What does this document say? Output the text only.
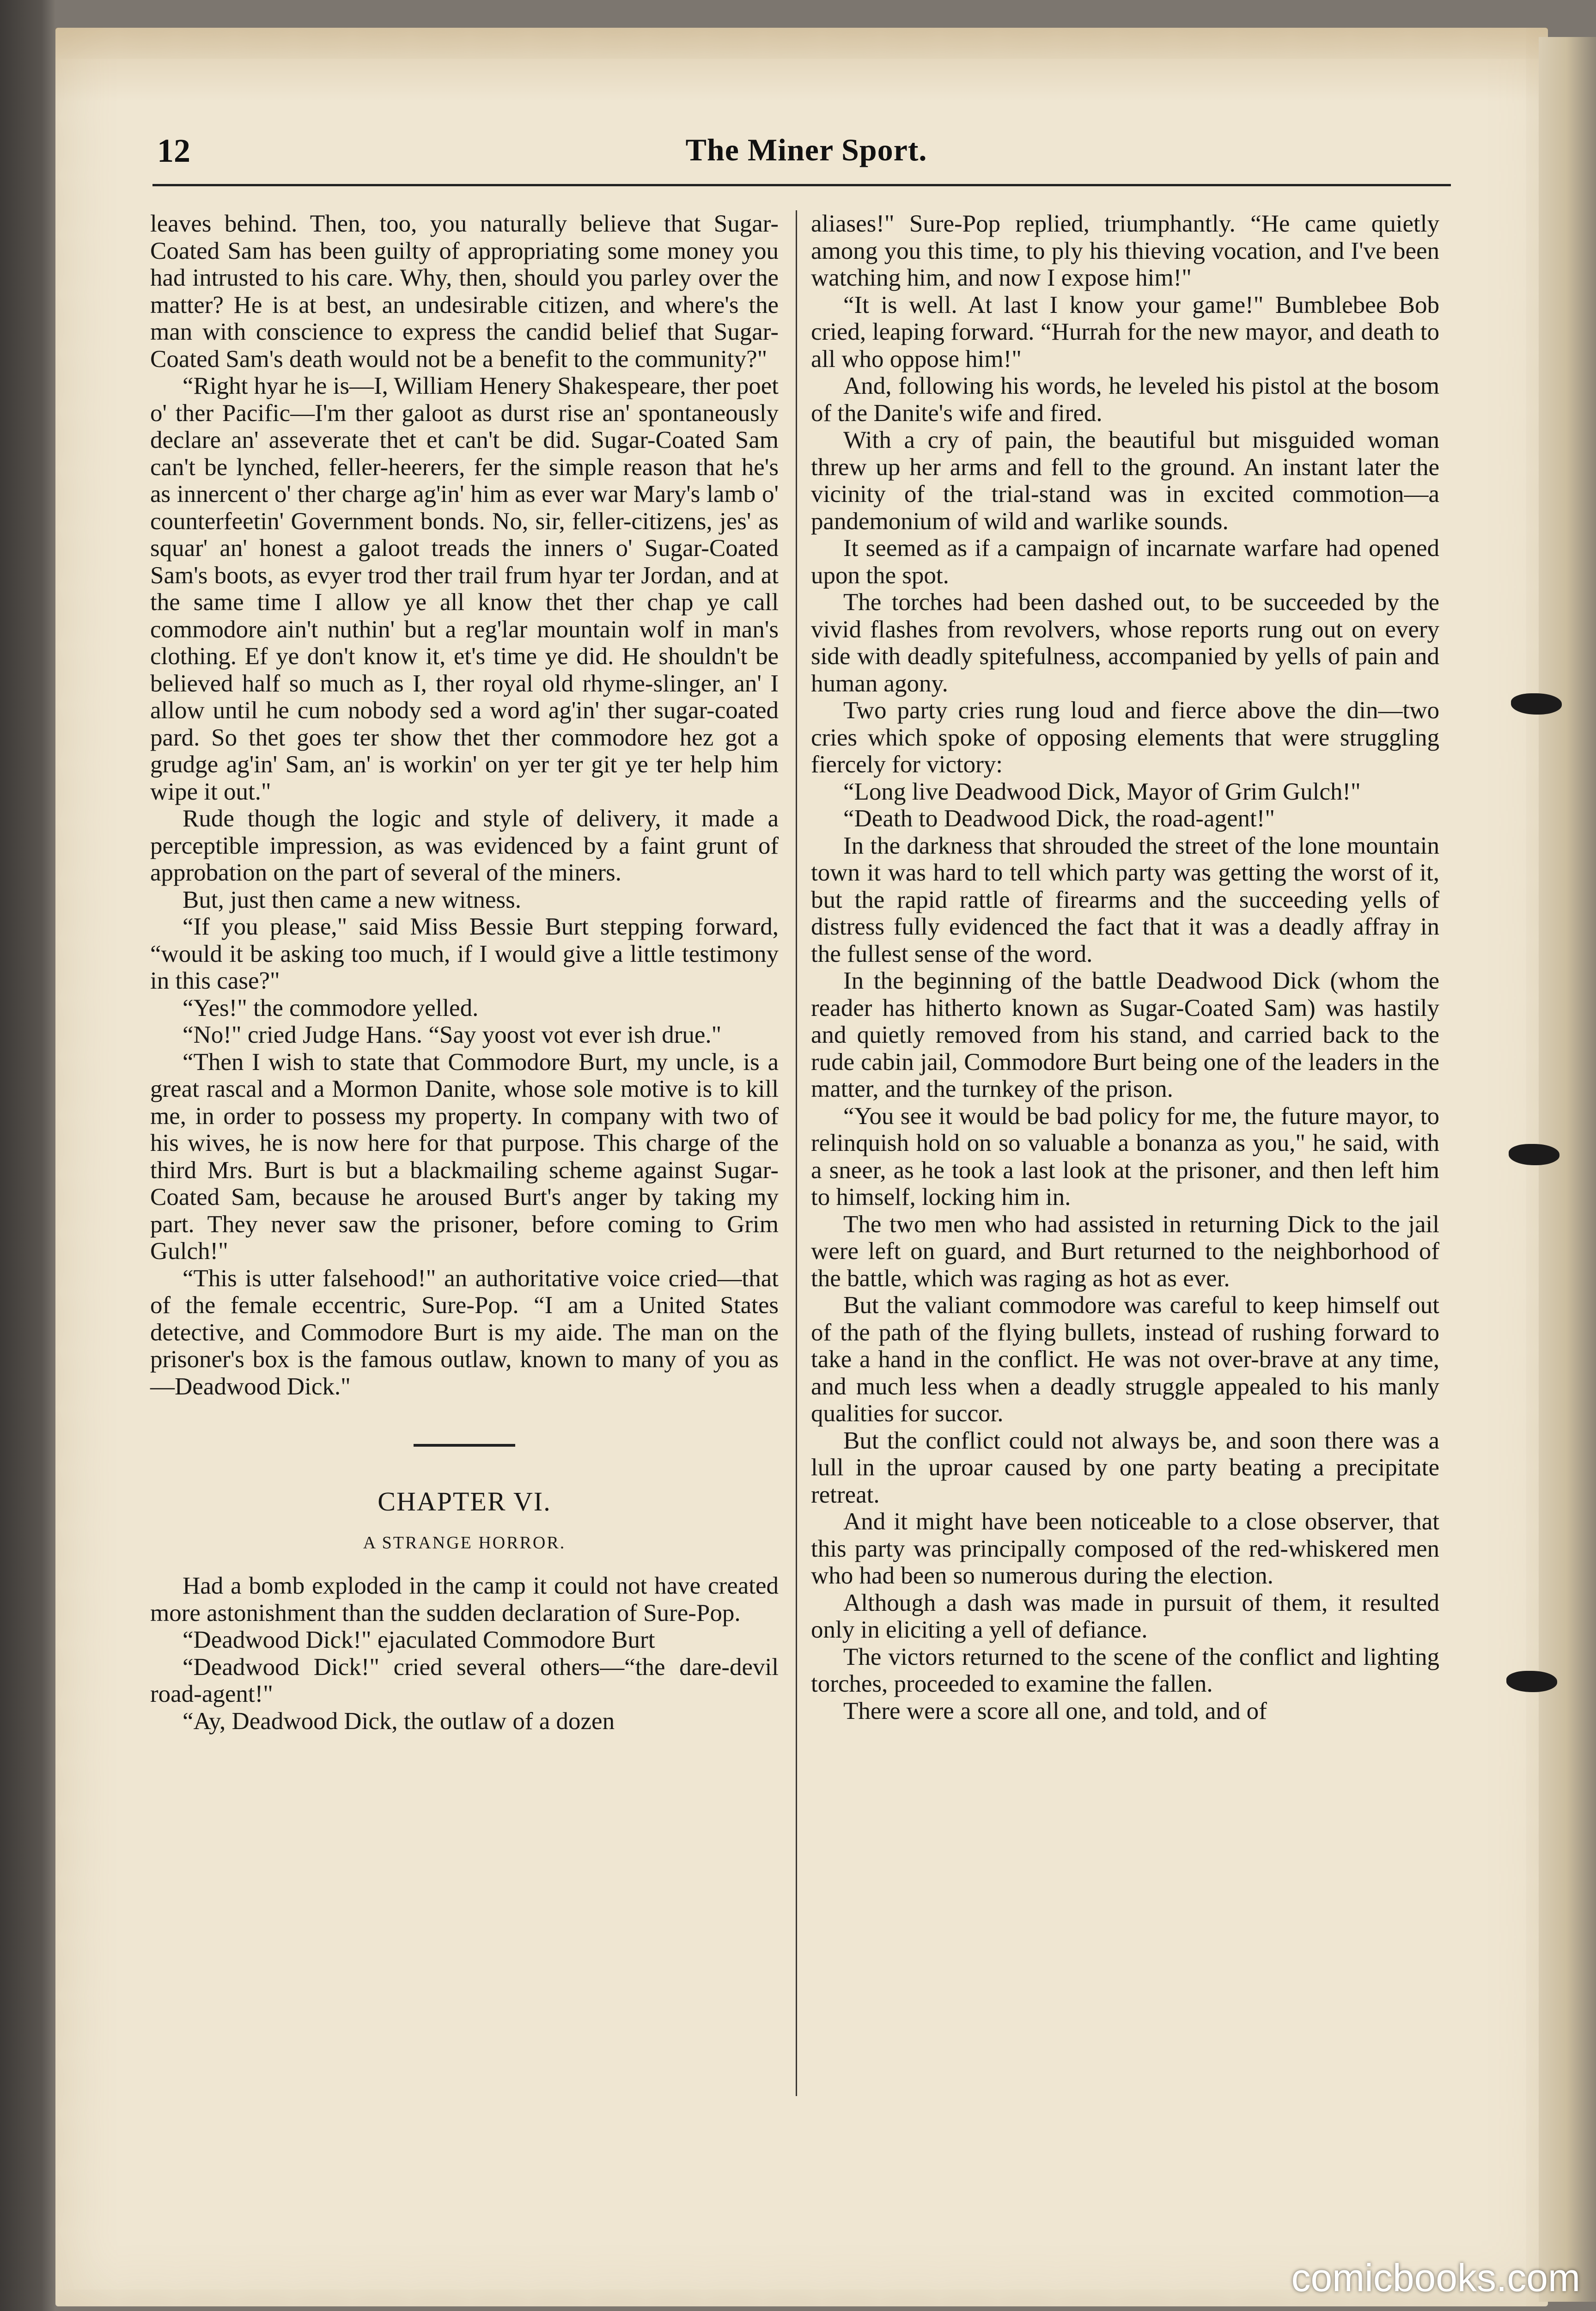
12	The Miner Sport.

leaves behind. Then, too, you naturally believe that Sugar-Coated Sam has been guilty of appropriating some money you had intrusted to his care. Why, then, should you parley over the matter? He is at best, an undesirable citizen, and where's the man with conscience to express the candid belief that Sugar-Coated Sam's death would not be a benefit to the community?"

“Right hyar he is—I, William Henery Shakespeare, ther poet o' ther Pacific—I'm ther galoot as durst rise an' spontaneously declare an' asseverate thet et can't be did. Sugar-Coated Sam can't be lynched, feller-heerers, fer the simple reason that he's as innercent o' ther charge ag'in' him as ever war Mary's lamb o' counterfeetin' Government bonds. No, sir, feller-citizens, jes' as squar' an' honest a galoot treads the inners o' Sugar-Coated Sam's boots, as evyer trod ther trail frum hyar ter Jordan, and at the same time I allow ye all know thet ther chap ye call commodore ain't nuthin' but a reg'lar mountain wolf in man's clothing. Ef ye don't know it, et's time ye did. He shouldn't be believed half so much as I, ther royal old rhyme-slinger, an' I allow until he cum nobody sed a word ag'in' ther sugar-coated pard. So thet goes ter show thet ther commodore hez got a grudge ag'in' Sam, an' is workin' on yer ter git ye ter help him wipe it out."

Rude though the logic and style of delivery, it made a perceptible impression, as was evidenced by a faint grunt of approbation on the part of several of the miners.

But, just then came a new witness.

“If you please," said Miss Bessie Burt stepping forward, “would it be asking too much, if I would give a little testimony in this case?"

“Yes!" the commodore yelled.

“No!" cried Judge Hans. “Say yoost vot ever ish drue."

“Then I wish to state that Commodore Burt, my uncle, is a great rascal and a Mormon Danite, whose sole motive is to kill me, in order to possess my property. In company with two of his wives, he is now here for that purpose. This charge of the third Mrs. Burt is but a blackmailing scheme against Sugar-Coated Sam, because he aroused Burt's anger by taking my part. They never saw the prisoner, before coming to Grim Gulch!"

“This is utter falsehood!" an authoritative voice cried—that of the female eccentric, Sure-Pop. “I am a United States detective, and Commodore Burt is my aide. The man on the prisoner's box is the famous outlaw, known to many of you as—Deadwood Dick."

CHAPTER VI.
A STRANGE HORROR.

Had a bomb exploded in the camp it could not have created more astonishment than the sudden declaration of Sure-Pop.

“Deadwood Dick!" ejaculated Commodore Burt

“Deadwood Dick!" cried several others—“the dare-devil road-agent!"

“Ay, Deadwood Dick, the outlaw of a dozen

aliases!" Sure-Pop replied, triumphantly. “He came quietly among you this time, to ply his thieving vocation, and I've been watching him, and now I expose him!"

“It is well. At last I know your game!" Bumblebee Bob cried, leaping forward. “Hurrah for the new mayor, and death to all who oppose him!"

And, following his words, he leveled his pistol at the bosom of the Danite's wife and fired.

With a cry of pain, the beautiful but misguided woman threw up her arms and fell to the ground. An instant later the vicinity of the trial-stand was in excited commotion—a pandemonium of wild and warlike sounds.

It seemed as if a campaign of incarnate warfare had opened upon the spot.

The torches had been dashed out, to be succeeded by the vivid flashes from revolvers, whose reports rung out on every side with deadly spitefulness, accompanied by yells of pain and human agony.

Two party cries rung loud and fierce above the din—two cries which spoke of opposing elements that were struggling fiercely for victory:

“Long live Deadwood Dick, Mayor of Grim Gulch!"

“Death to Deadwood Dick, the road-agent!"

In the darkness that shrouded the street of the lone mountain town it was hard to tell which party was getting the worst of it, but the rapid rattle of firearms and the succeeding yells of distress fully evidenced the fact that it was a deadly affray in the fullest sense of the word.

In the beginning of the battle Deadwood Dick (whom the reader has hitherto known as Sugar-Coated Sam) was hastily and quietly removed from his stand, and carried back to the rude cabin jail, Commodore Burt being one of the leaders in the matter, and the turnkey of the prison.

“You see it would be bad policy for me, the future mayor, to relinquish hold on so valuable a bonanza as you," he said, with a sneer, as he took a last look at the prisoner, and then left him to himself, locking him in.

The two men who had assisted in returning Dick to the jail were left on guard, and Burt returned to the neighborhood of the battle, which was raging as hot as ever.

But the valiant commodore was careful to keep himself out of the path of the flying bullets, instead of rushing forward to take a hand in the conflict. He was not over-brave at any time, and much less when a deadly struggle appealed to his manly qualities for succor.

But the conflict could not always be, and soon there was a lull in the uproar caused by one party beating a precipitate retreat.

And it might have been noticeable to a close observer, that this party was principally composed of the red-whiskered men who had been so numerous during the election.

Although a dash was made in pursuit of them, it resulted only in eliciting a yell of defiance.

The victors returned to the scene of the conflict and lighting torches, proceeded to examine the fallen.

There were a score all one, and told, and of

comicbooks.com
